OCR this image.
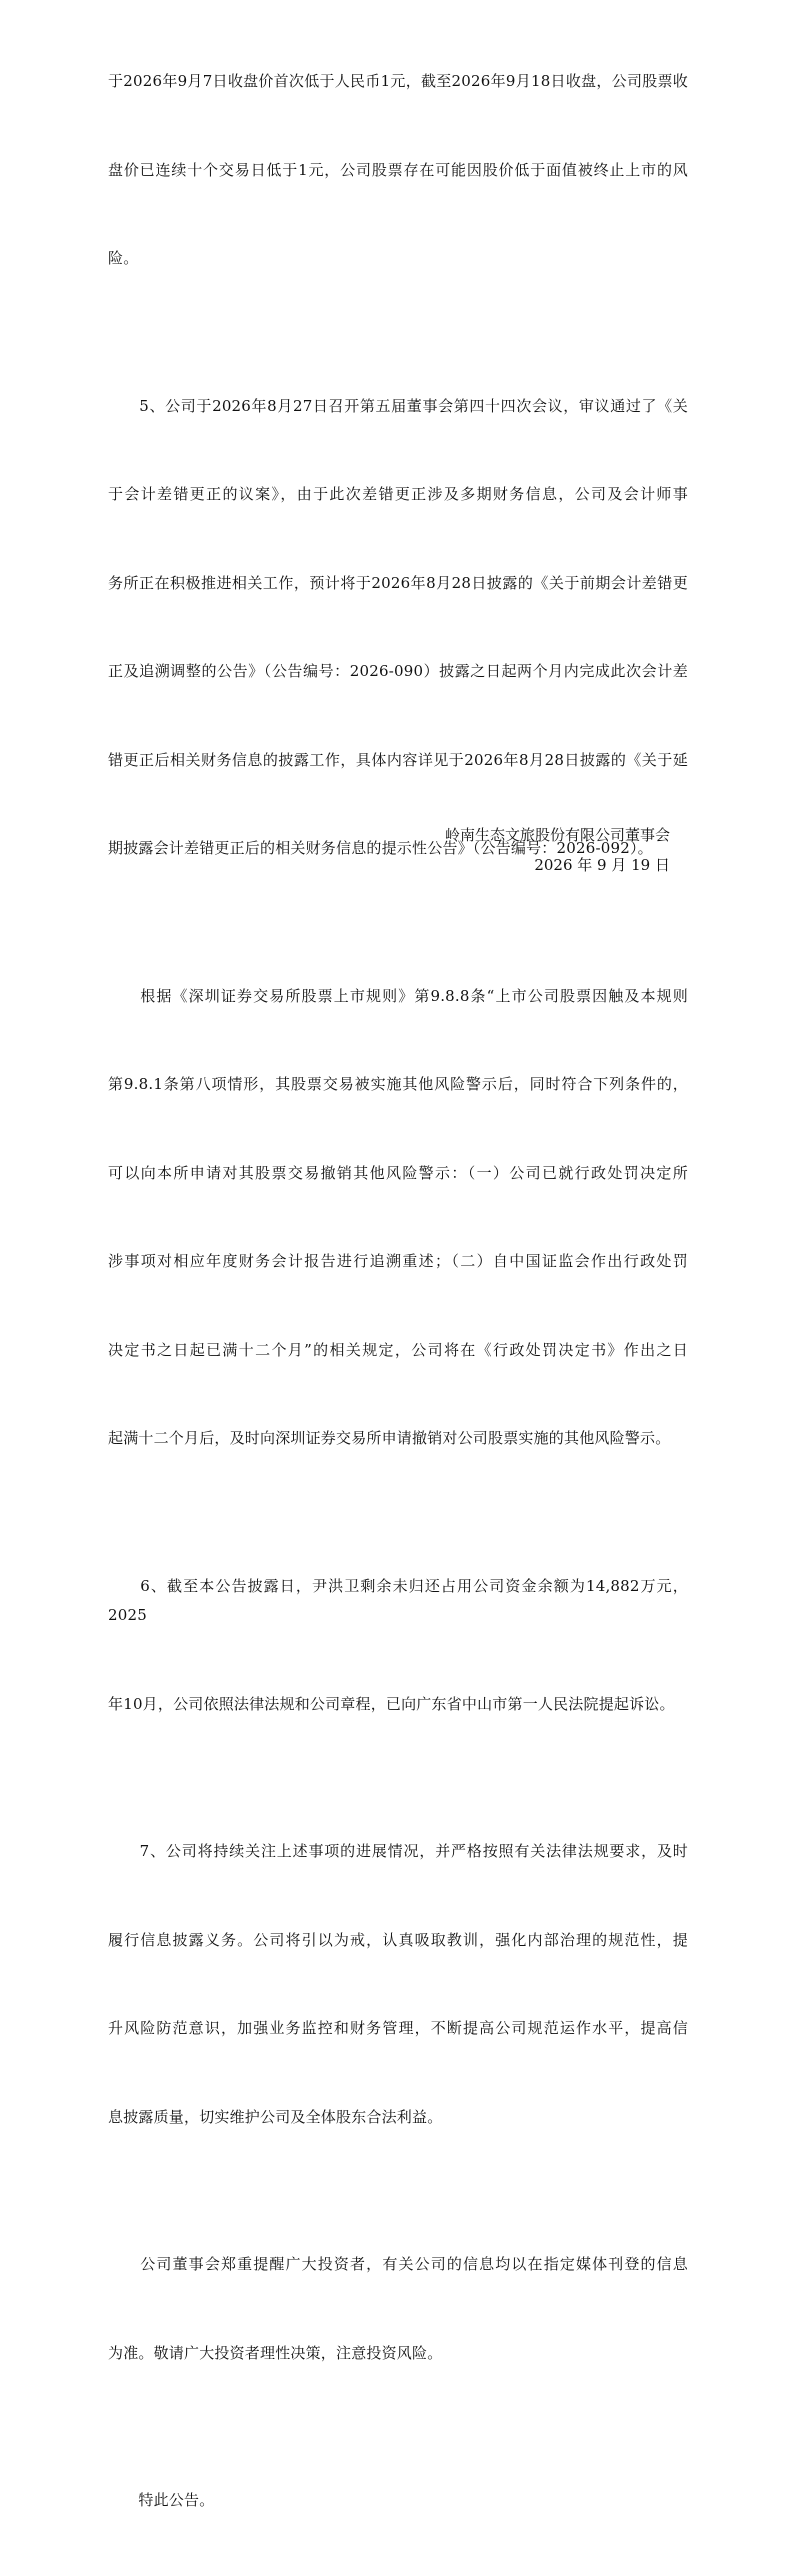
于2026年9月7日收盘价首次低于人民币1元，截至2026年9月18日收盘，公司股票收

盘价已连续十个交易日低于1元，公司股票存在可能因股价低于面值被终止上市的风

险。

　　5、公司于2026年8月27日召开第五届董事会第四十四次会议，审议通过了《关

于会计差错更正的议案》，由于此次差错更正涉及多期财务信息，公司及会计师事

务所正在积极推进相关工作，预计将于2026年8月28日披露的《关于前期会计差错更

正及追溯调整的公告》（公告编号：2026-090）披露之日起两个月内完成此次会计差

错更正后相关财务信息的披露工作，具体内容详见于2026年8月28日披露的《关于延

期披露会计差错更正后的相关财务信息的提示性公告》（公告编号：2026-092）。

　　根据《深圳证券交易所股票上市规则》第9.8.8条“上市公司股票因触及本规则

第9.8.1条第八项情形，其股票交易被实施其他风险警示后，同时符合下列条件的，

可以向本所申请对其股票交易撤销其他风险警示：（一）公司已就行政处罚决定所

涉事项对相应年度财务会计报告进行追溯重述；（二）自中国证监会作出行政处罚

决定书之日起已满十二个月”的相关规定，公司将在《行政处罚决定书》作出之日

起满十二个月后，及时向深圳证券交易所申请撤销对公司股票实施的其他风险警示。

　　6、截至本公告披露日，尹洪卫剩余未归还占用公司资金余额为14,882万元，2025

年10月，公司依照法律法规和公司章程，已向广东省中山市第一人民法院提起诉讼。

　　7、公司将持续关注上述事项的进展情况，并严格按照有关法律法规要求，及时

履行信息披露义务。公司将引以为戒，认真吸取教训，强化内部治理的规范性，提

升风险防范意识，加强业务监控和财务管理，不断提高公司规范运作水平，提高信

息披露质量，切实维护公司及全体股东合法利益。

　　公司董事会郑重提醒广大投资者，有关公司的信息均以在指定媒体刊登的信息

为准。敬请广大投资者理性决策，注意投资风险。

　　特此公告。

岭南生态文旅股份有限公司董事会
2026 年 9 月 19 日
